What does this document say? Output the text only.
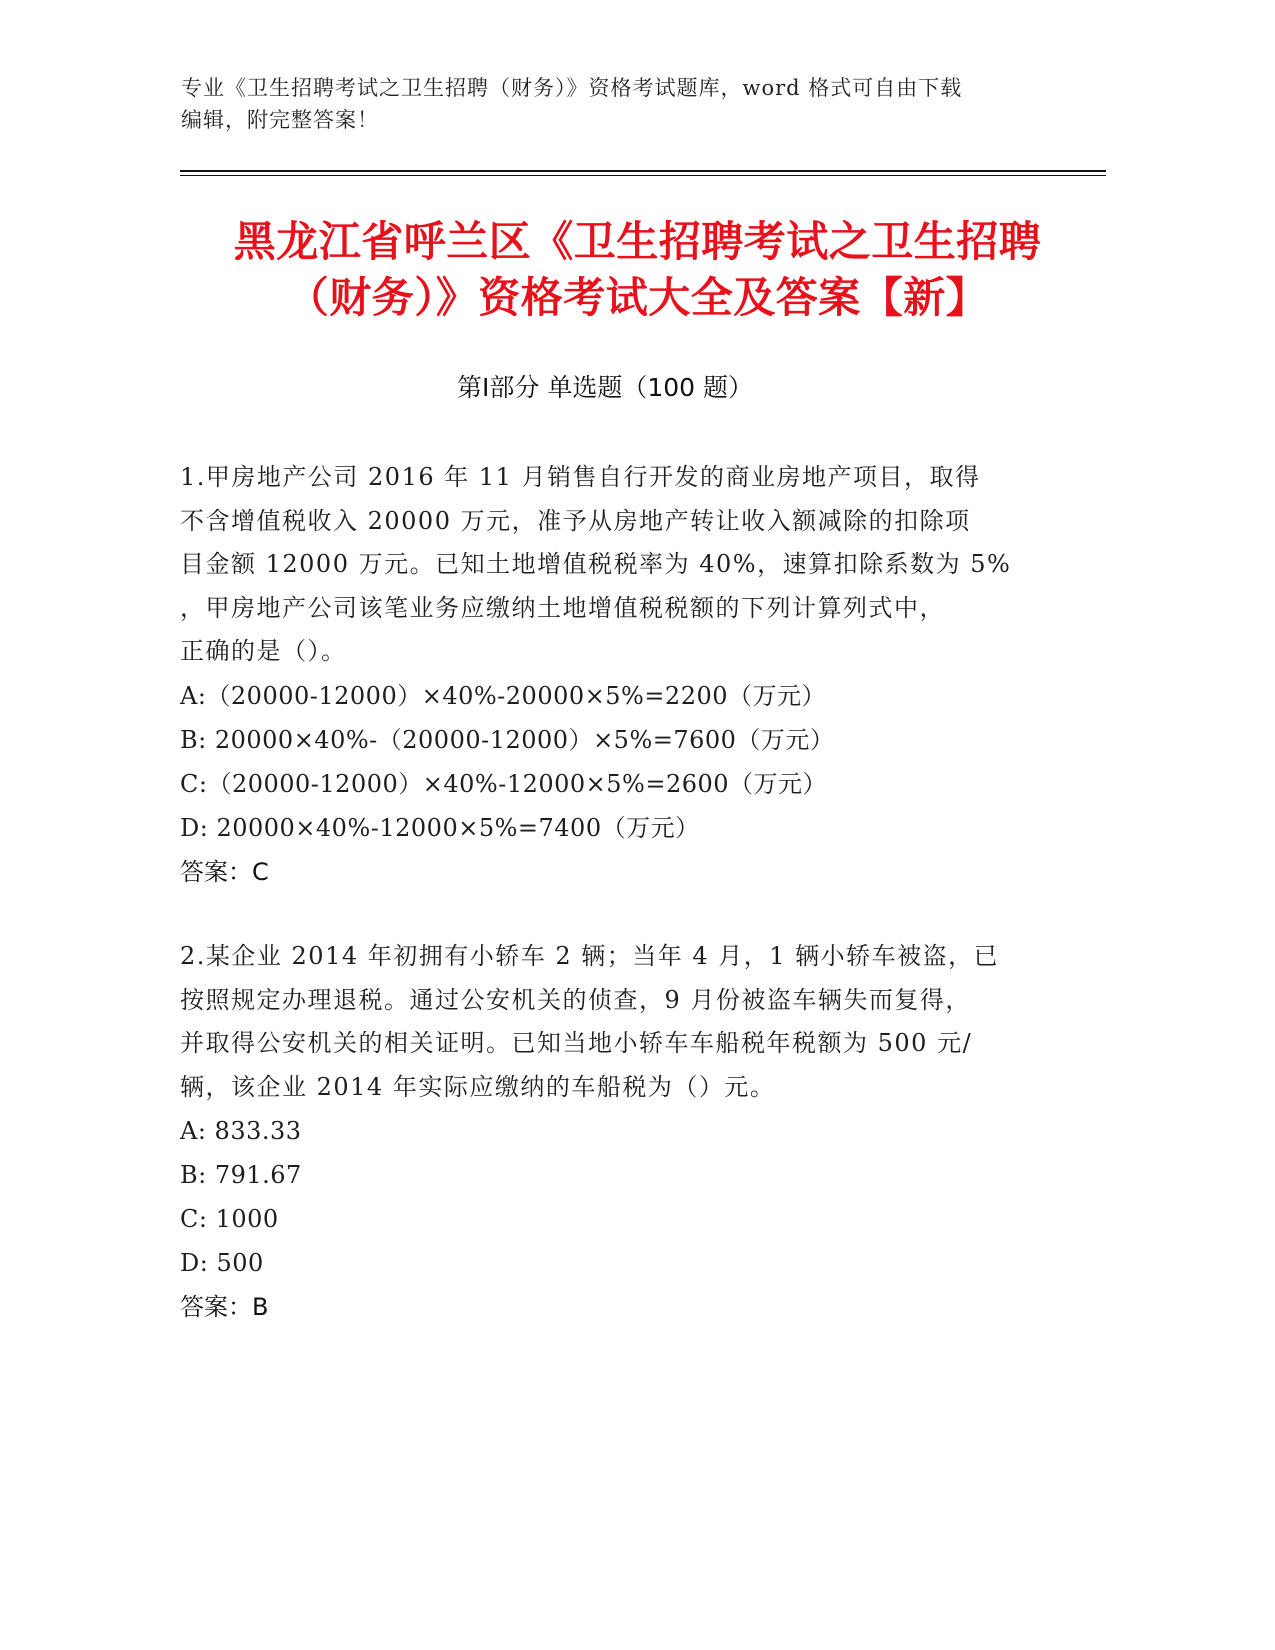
专业《卫生招聘考试之卫生招聘（财务）》资格考试题库，word 格式可自由下载
编辑，附完整答案！
黑龙江省呼兰区《卫生招聘考试之卫生招聘
（财务）》资格考试大全及答案【新】
第Ⅰ部分 单选题（100 题）

1.甲房地产公司 2016 年 11 月销售自行开发的商业房地产项目，取得

不含增值税收入 20000 万元，准予从房地产转让收入额减除的扣除项

目金额 12000 万元。已知土地增值税税率为 40%，速算扣除系数为 5%

，甲房地产公司该笔业务应缴纳土地增值税税额的下列计算列式中，

正确的是（）。

A:（20000-12000）×40%-20000×5%=2200（万元）

B: 20000×40%-（20000-12000）×5%=7600（万元）

C:（20000-12000）×40%-12000×5%=2600（万元）

D: 20000×40%-12000×5%=7400（万元）

答案：C

2.某企业 2014 年初拥有小轿车 2 辆；当年 4 月，1 辆小轿车被盗，已

按照规定办理退税。通过公安机关的侦查，9 月份被盗车辆失而复得，

并取得公安机关的相关证明。已知当地小轿车车船税年税额为 500 元/

辆，该企业 2014 年实际应缴纳的车船税为（）元。

A: 833.33

B: 791.67

C: 1000

D: 500

答案：B
